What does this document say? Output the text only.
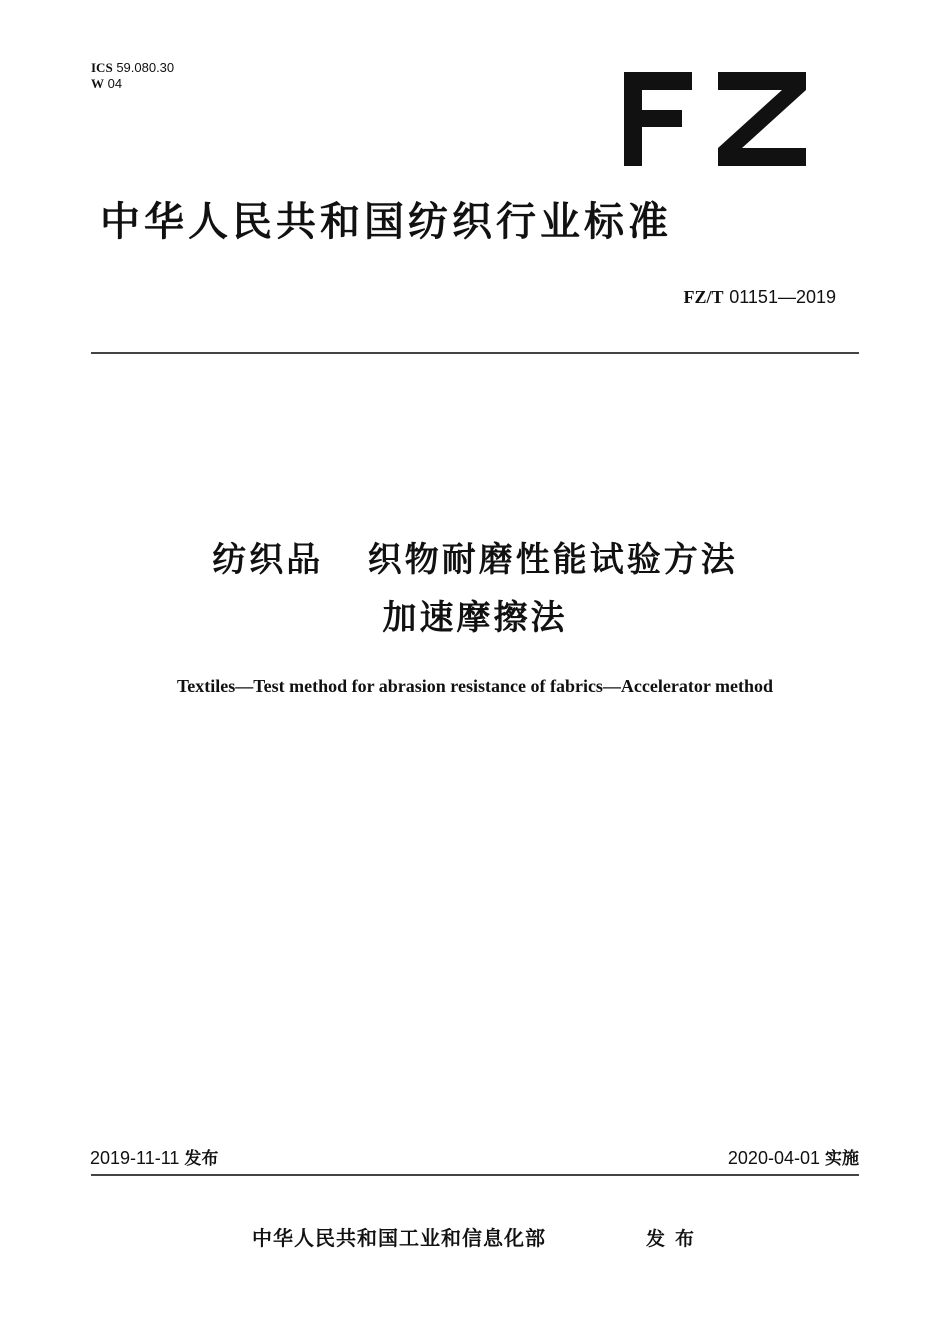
ICS 59.080.30
W 04
中华人民共和国纺织行业标准
FZ/T 01151—2019
纺织品   织物耐磨性能试验方法
加速摩擦法
Textiles—Test method for abrasion resistance of fabrics—Accelerator method
2019-11-11 发布	2020-04-01 实施
中华人民共和国工业和信息化部	发布
